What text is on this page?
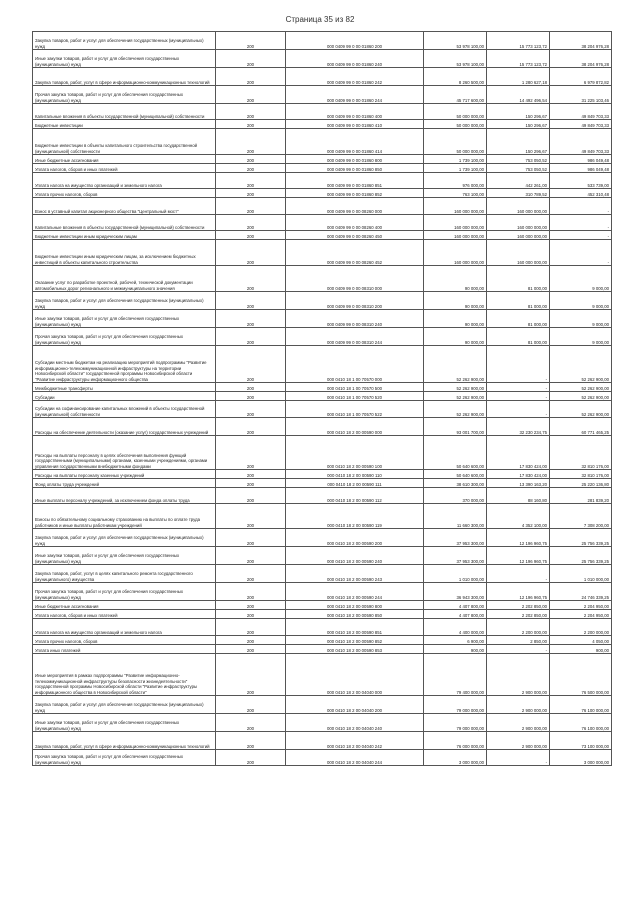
Страница 35 из 82
Закупка товаров, работ и услуг для обеспечения государственных (муниципальных) нужд	200	000 0409 99 0 00 01860 200	53 978 100,00	15 773 123,72	38 204 976,28
Иные закупки товаров, работ и услуг для обеспечения государственных (муниципальных) нужд	200	000 0409 99 0 00 01860 240	53 978 100,00	15 773 123,72	38 204 976,28
Закупка товаров, работ, услуг в сфере информационно-коммуникационных технологий	200	000 0409 99 0 00 01860 242	8 260 500,00	1 280 627,18	6 979 872,82
Прочая закупка товаров, работ и услуг для обеспечения государственных (муниципальных) нужд	200	000 0409 99 0 00 01860 244	45 717 600,00	14 492 496,54	31 225 103,46
Капитальные вложения в объекты государственной (муниципальной) собственности	200	000 0409 99 0 00 01860 400	50 000 000,00	150 296,67	49 849 703,33
Бюджетные инвестиции	200	000 0409 99 0 00 01860 410	50 000 000,00	150 296,67	49 849 703,33
Бюджетные инвестиции в объекты капитального строительства государственной (муниципальной) собственности	200	000 0409 99 0 00 01860 414	50 000 000,00	150 296,67	49 849 703,33
Иные бюджетные ассигнования	200	000 0409 99 0 00 01860 800	1 739 100,00	753 050,52	986 049,48
Уплата налогов, сборов и иных платежей	200	000 0409 99 0 00 01860 850	1 739 100,00	753 050,52	986 049,48
Уплата налога на имущество организаций и земельного налога	200	000 0409 99 0 00 01860 851	976 000,00	442 261,00	533 739,00
Уплата прочих налогов, сборов	200	000 0409 99 0 00 01860 852	763 100,00	310 789,52	452 310,48
Взнос в уставный капитал акционерного общества "Центральный мост"	200	000 0409 99 0 00 08260 000	160 000 000,00	160 000 000,00	-
Капитальные вложения в объекты государственной (муниципальной) собственности	200	000 0409 99 0 00 08260 400	160 000 000,00	160 000 000,00	-
Бюджетные инвестиции иным юридическим лицам	200	000 0409 99 0 00 08260 450	160 000 000,00	160 000 000,00	-
Бюджетные инвестиции иным юридическим лицам, за исключением бюджетных инвестиций в объекты капитального строительства	200	000 0409 99 0 00 08260 452	160 000 000,00	160 000 000,00	-
Оказание услуг по разработке проектной, рабочей, технической документации автомобильных дорог регионального и межмуниципального значения	200	000 0409 99 0 00 08310 000	90 000,00	81 000,00	9 000,00
Закупка товаров, работ и услуг для обеспечения государственных (муниципальных) нужд	200	000 0409 99 0 00 08310 200	90 000,00	81 000,00	9 000,00
Иные закупки товаров, работ и услуг для обеспечения государственных (муниципальных) нужд	200	000 0409 99 0 00 08310 240	90 000,00	81 000,00	9 000,00
Прочая закупка товаров, работ и услуг для обеспечения государственных (муниципальных) нужд	200	000 0409 99 0 00 08310 244	90 000,00	81 000,00	9 000,00
Субсидии местным бюджетам на реализацию мероприятий подпрограммы "Развитие информационно-телекоммуникационной инфраструктуры на территории Новосибирской области" государственной программы Новосибирской области "Развитие инфраструктуры информационного общества	200	000 0410 18 1 00 70570 000	52 262 900,00	-	52 262 900,00
Межбюджетные трансферты	200	000 0410 18 1 00 70570 500	52 262 900,00	-	52 262 900,00
Субсидии	200	000 0410 18 1 00 70570 520	52 262 900,00	-	52 262 900,00
Субсидии на софинансирование капитальных вложений в объекты государственной (муниципальной) собственности	200	000 0410 18 1 00 70570 522	52 262 900,00	-	52 262 900,00
Расходы на обеспечение деятельности (оказание услуг) государственных учреждений	200	000 0410 18 2 00 00590 000	93 001 700,00	32 230 234,75	60 771 465,25
Расходы на выплаты персоналу в целях обеспечения выполнения функций государственными (муниципальными) органами, казенными учреждениями, органами управления государственными внебюджетными фондами	200	000 0410 18 2 00 00590 100	50 640 600,00	17 830 424,00	32 810 176,00
Расходы на выплаты персоналу казенных учреждений	200	000 0410 18 2 00 00590 110	50 640 600,00	17 830 424,00	32 810 176,00
Фонд оплаты труда учреждений	200	000 0410 18 2 00 00590 111	38 610 300,00	13 390 163,20	25 220 136,80
Иные выплаты персоналу учреждений, за исключением фонда оплаты труда	200	000 0410 18 2 00 00590 112	370 000,00	88 160,80	281 839,20
Взносы по обязательному социальному страхованию на выплаты по оплате труда работников и иные выплаты работникам учреждений	200	000 0410 18 2 00 00590 119	11 660 300,00	4 352 100,00	7 308 200,00
Закупка товаров, работ и услуг для обеспечения государственных (муниципальных) нужд	200	000 0410 18 2 00 00590 200	37 953 300,00	12 196 960,75	25 756 339,25
Иные закупки товаров, работ и услуг для обеспечения государственных (муниципальных) нужд	200	000 0410 18 2 00 00590 240	37 953 300,00	12 196 960,75	25 756 339,25
Закупка товаров, работ, услуг в целях капитального ремонта государственного (муниципального) имущества	200	000 0410 18 2 00 00590 243	1 010 000,00	-	1 010 000,00
Прочая закупка товаров, работ и услуг для обеспечения государственных (муниципальных) нужд	200	000 0410 18 2 00 00590 244	36 943 300,00	12 196 960,75	24 746 339,25
Иные бюджетные ассигнования	200	000 0410 18 2 00 00590 800	4 407 800,00	2 202 850,00	2 204 950,00
Уплата налогов, сборов и иных платежей	200	000 0410 18 2 00 00590 850	4 407 800,00	2 202 850,00	2 204 950,00
Уплата налога на имущество организаций и земельного налога	200	000 0410 18 2 00 00590 851	4 400 000,00	2 200 000,00	2 200 000,00
Уплата прочих налогов, сборов	200	000 0410 18 2 00 00590 852	6 900,00	2 850,00	4 050,00
Уплата иных платежей	200	000 0410 18 2 00 00590 853	900,00	-	900,00
Иные мероприятия в рамках подпрограммы "Развитие информационно-телекоммуникационной инфраструктуры безопасности жизнедеятельности" государственной программы Новосибирской области "Развитие инфраструктуры информационного общества в Новосибирской области"	200	000 0410 18 2 00 04040 000	79 400 000,00	2 900 000,00	76 500 000,00
Закупка товаров, работ и услуг для обеспечения государственных (муниципальных) нужд	200	000 0410 18 2 00 04040 200	79 000 000,00	2 900 000,00	76 100 000,00
Иные закупки товаров, работ и услуг для обеспечения государственных (муниципальных) нужд	200	000 0410 18 2 00 04040 240	79 000 000,00	2 900 000,00	76 100 000,00
Закупка товаров, работ, услуг в сфере информационно-коммуникационных технологий	200	000 0410 18 2 00 04040 242	76 000 000,00	2 900 000,00	73 100 000,00
Прочая закупка товаров, работ и услуг для обеспечения государственных (муниципальных) нужд	200	000 0410 18 2 00 04040 244	3 000 000,00	-	3 000 000,00
